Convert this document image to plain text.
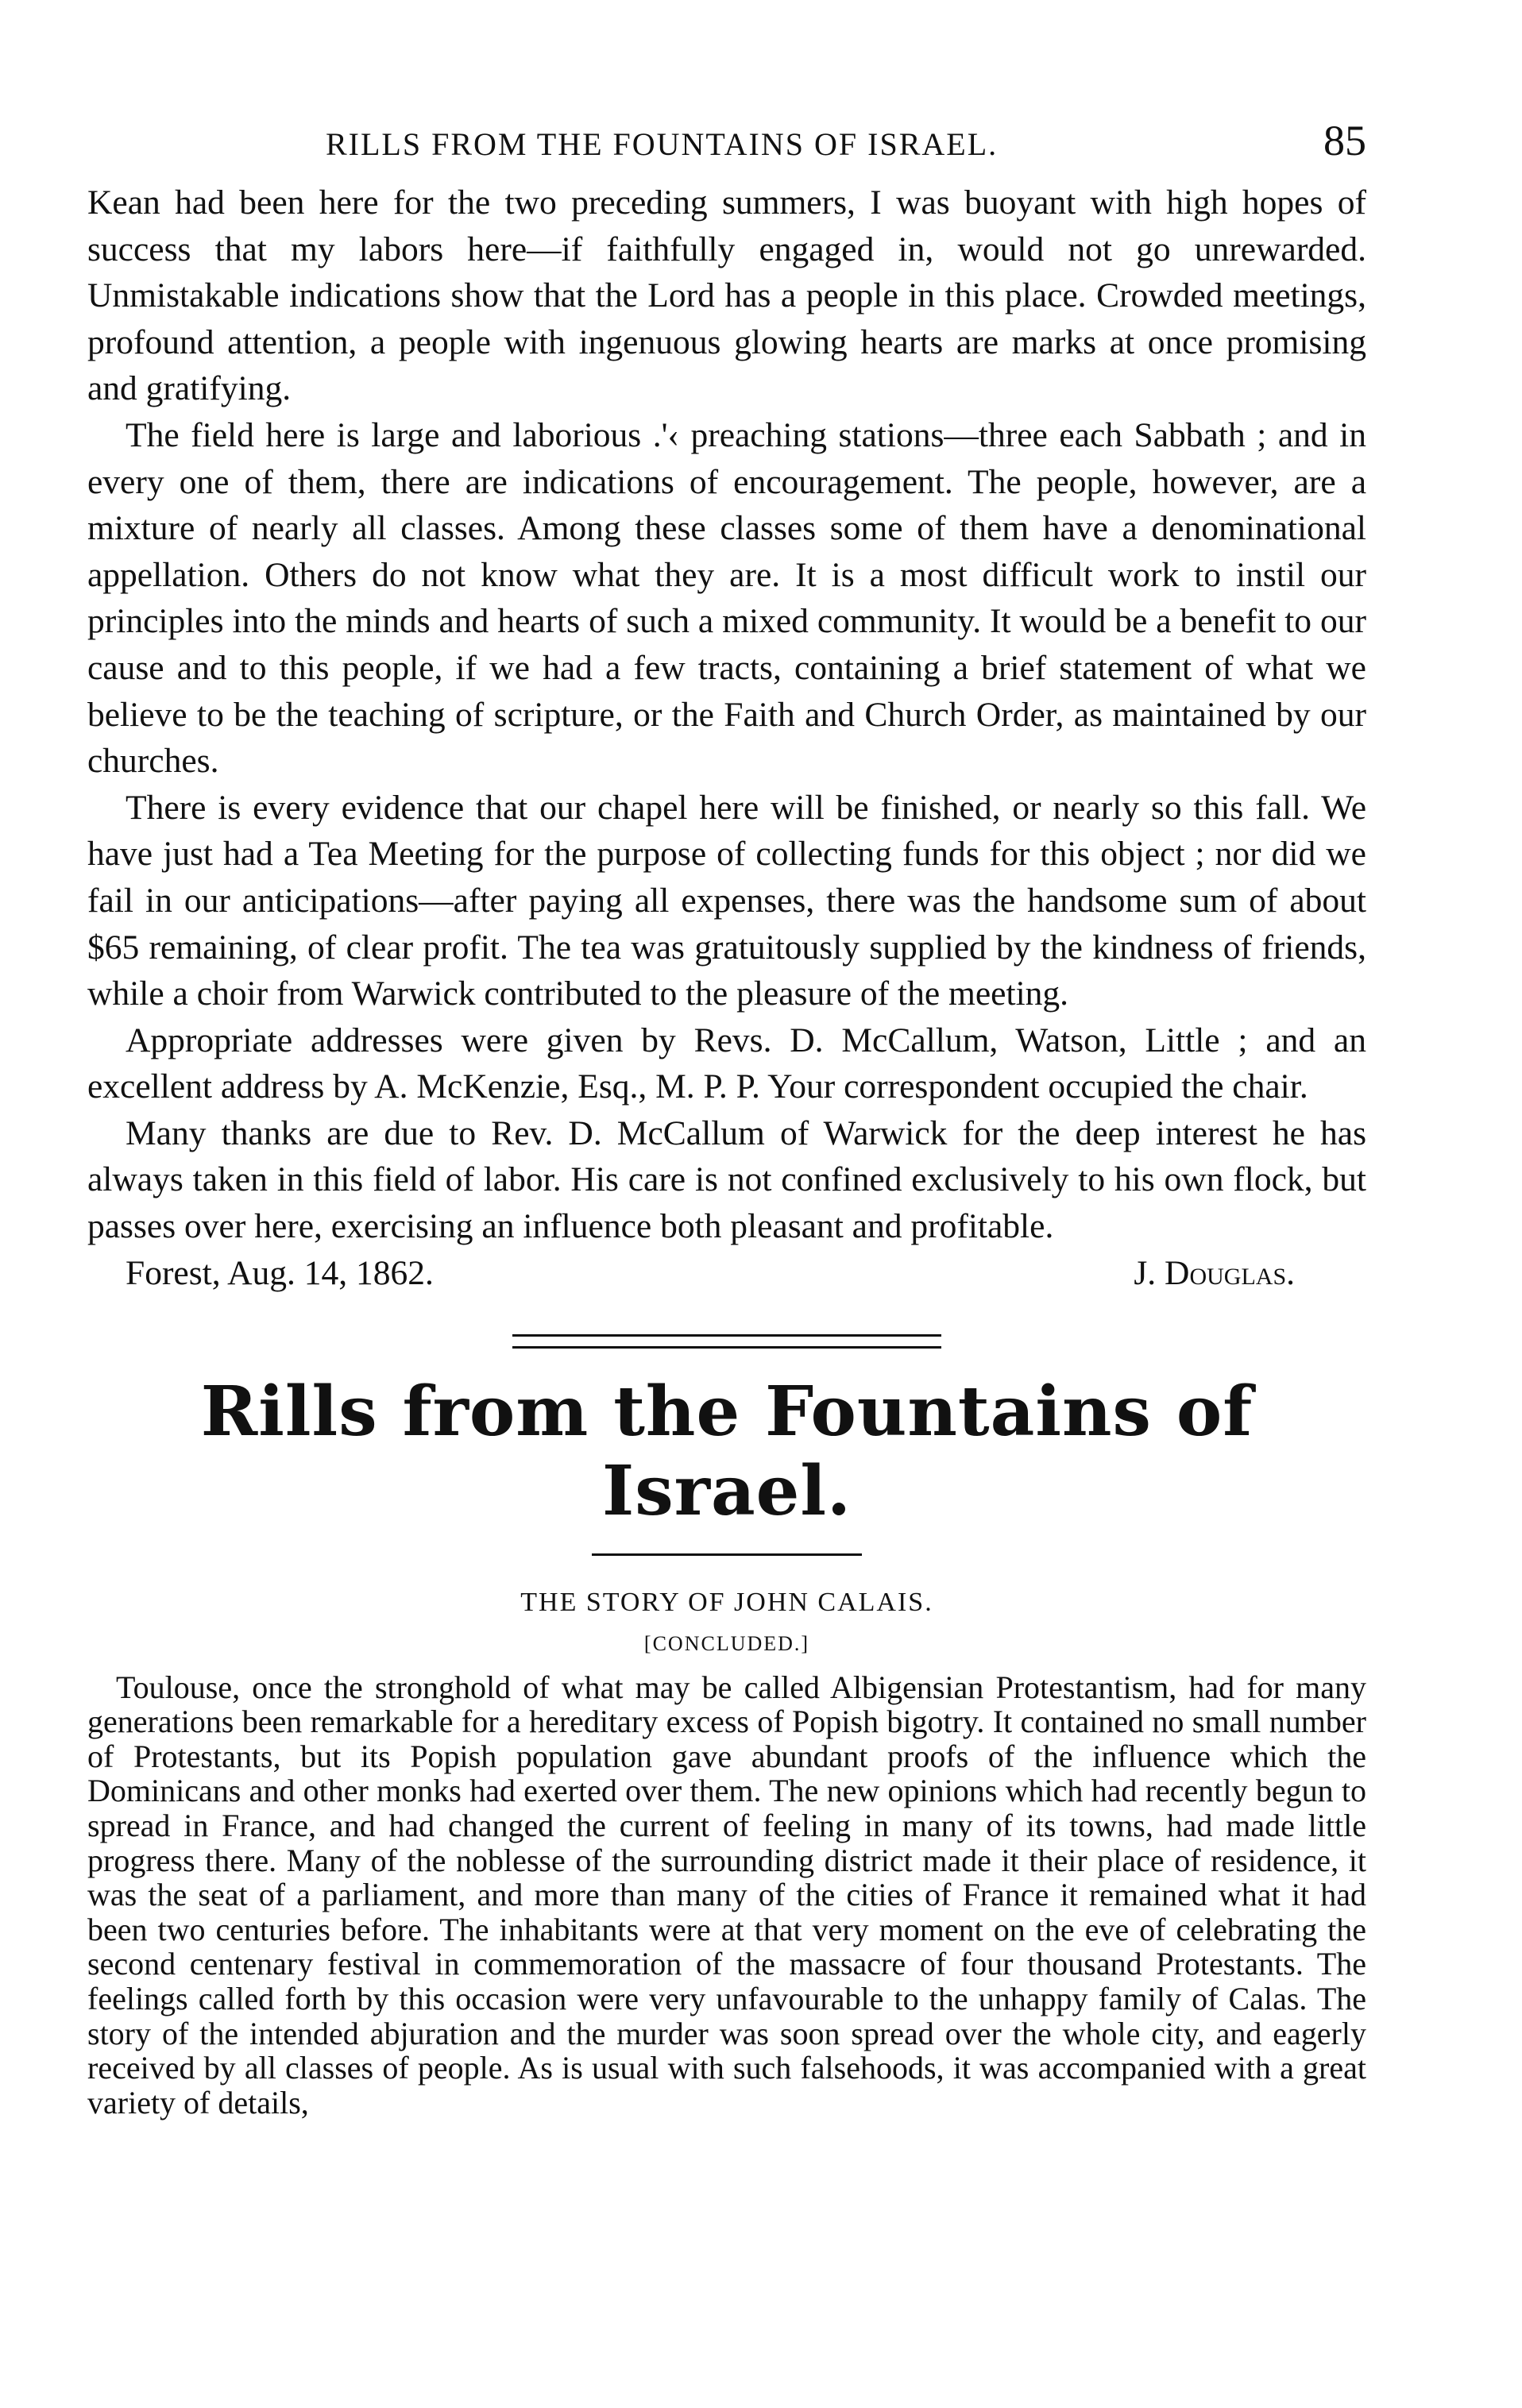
RILLS FROM THE FOUNTAINS OF ISRAEL.	85

Kean had been here for the two preceding summers, I was buoyant with high hopes of success that my labors here—if faithfully engaged in, would not go unrewarded. Unmistakable indications show that the Lord has a people in this place. Crowded meetings, profound attention, a people with ingenuous glowing hearts are marks at once promising and gratifying.

The field here is large and laborious .'‹ preaching stations—three each Sabbath ; and in every one of them, there are indications of encouragement. The people, however, are a mixture of nearly all classes. Among these classes some of them have a denominational appellation. Others do not know what they are. It is a most difficult work to instil our principles into the minds and hearts of such a mixed community. It would be a benefit to our cause and to this people, if we had a few tracts, containing a brief statement of what we believe to be the teaching of scripture, or the Faith and Church Order, as maintained by our churches.

There is every evidence that our chapel here will be finished, or nearly so this fall. We have just had a Tea Meeting for the purpose of collecting funds for this object ; nor did we fail in our anticipations—after paying all expenses, there was the handsome sum of about $65 remaining, of clear profit. The tea was gratuitously supplied by the kindness of friends, while a choir from Warwick contributed to the pleasure of the meeting.

Appropriate addresses were given by Revs. D. McCallum, Watson, Little ; and an excellent address by A. McKenzie, Esq., M. P. P. Your correspondent occupied the chair.

Many thanks are due to Rev. D. McCallum of Warwick for the deep interest he has always taken in this field of labor. His care is not confined exclusively to his own flock, but passes over here, exercising an influence both pleasant and profitable.

Forest, Aug. 14, 1862.	J. Douglas.
Rills from the Fountains of Israel.
THE STORY OF JOHN CALAIS.
[CONCLUDED.]

Toulouse, once the stronghold of what may be called Albigensian Protestantism, had for many generations been remarkable for a hereditary excess of Popish bigotry. It contained no small number of Protestants, but its Popish population gave abundant proofs of the influence which the Dominicans and other monks had exerted over them. The new opinions which had recently begun to spread in France, and had changed the current of feeling in many of its towns, had made little progress there. Many of the noblesse of the surrounding district made it their place of residence, it was the seat of a parliament, and more than many of the cities of France it remained what it had been two centuries before. The inhabitants were at that very moment on the eve of celebrating the second centenary festival in commemoration of the massacre of four thousand Protestants. The feelings called forth by this occasion were very unfavourable to the unhappy family of Calas. The story of the intended abjuration and the murder was soon spread over the whole city, and eagerly received by all classes of people. As is usual with such falsehoods, it was accompanied with a great variety of details,
